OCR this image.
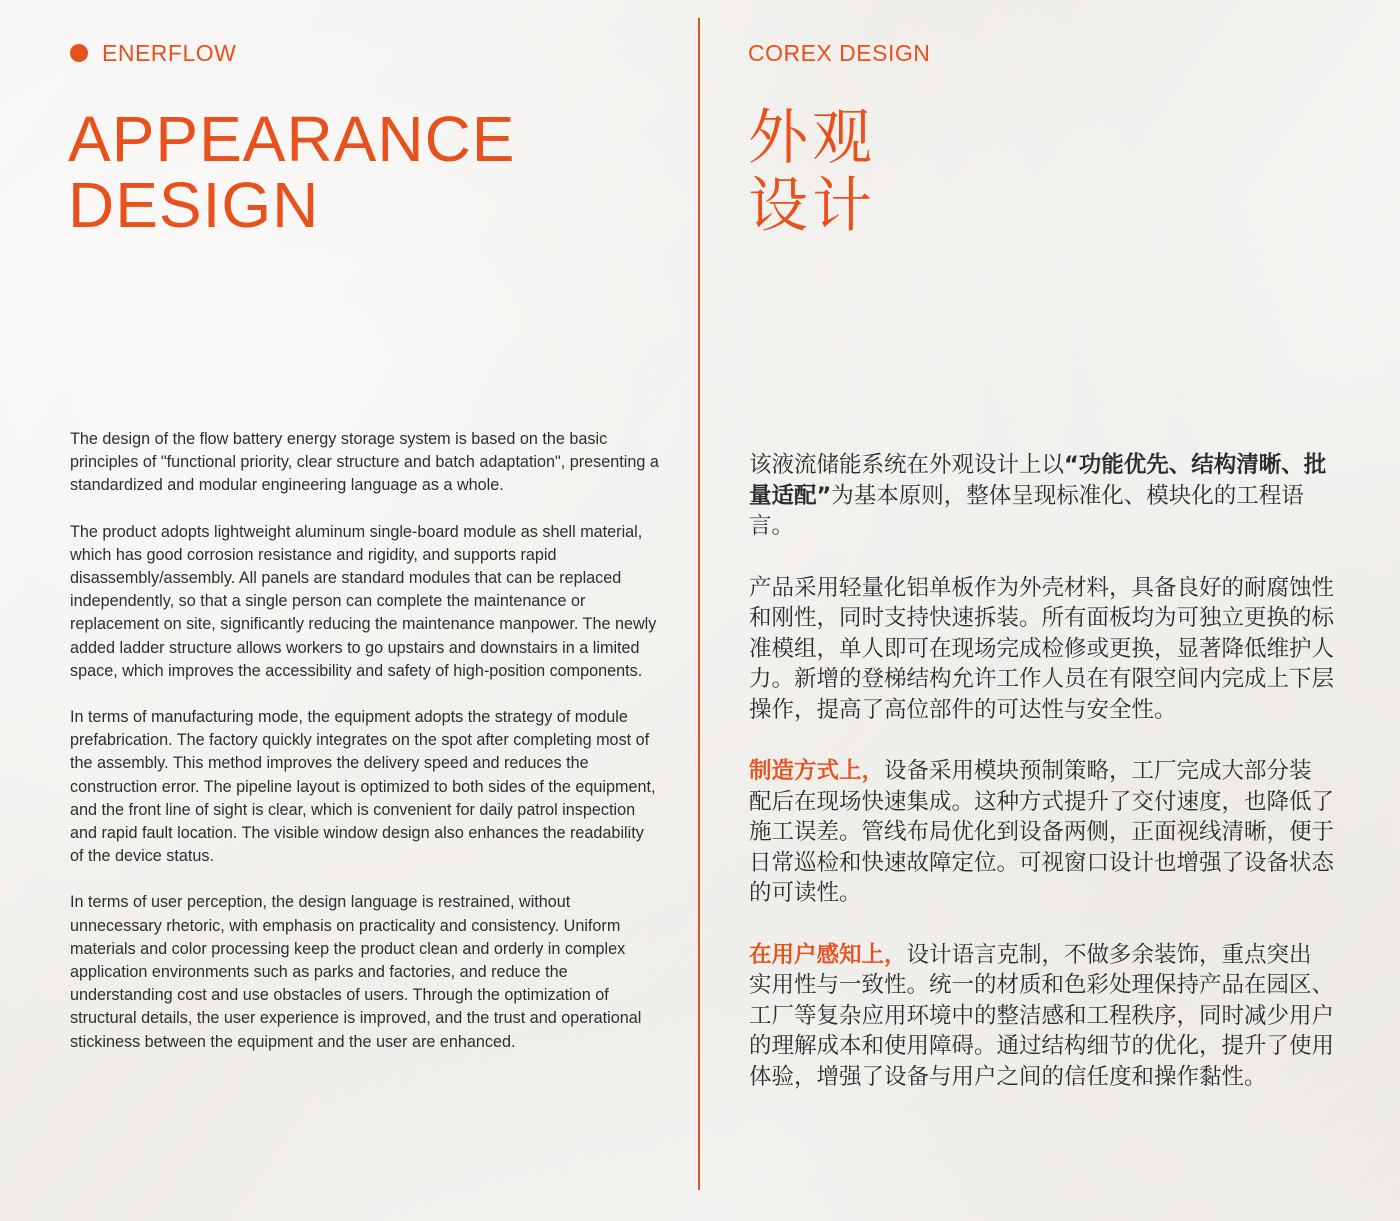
ENERFLOW
APPEARANCE
DESIGN
COREX DESIGN
外观
设计

The design of the flow battery energy storage system is based on the basic principles of "functional priority, clear structure and batch adaptation", presenting a standardized and modular engineering language as a whole.

The product adopts lightweight aluminum single-board module as shell material, which has good corrosion resistance and rigidity, and supports rapid disassembly/assembly. All panels are standard modules that can be replaced independently, so that a single person can complete the maintenance or replacement on site, significantly reducing the maintenance manpower. The newly added ladder structure allows workers to go upstairs and downstairs in a limited space, which improves the accessibility and safety of high-position components.

In terms of manufacturing mode, the equipment adopts the strategy of module prefabrication. The factory quickly integrates on the spot after completing most of the assembly. This method improves the delivery speed and reduces the construction error. The pipeline layout is optimized to both sides of the equipment, and the front line of sight is clear, which is convenient for daily patrol inspection and rapid fault location. The visible window design also enhances the readability of the device status.

In terms of user perception, the design language is restrained, without unnecessary rhetoric, with emphasis on practicality and consistency. Uniform materials and color processing keep the product clean and orderly in complex application environments such as parks and factories, and reduce the understanding cost and use obstacles of users. Through the optimization of structural details, the user experience is improved, and the trust and operational stickiness between the equipment and the user are enhanced.

该液流储能系统在外观设计上以“功能优先、结构清晰、批量适配”为基本原则，整体呈现标准化、模块化的工程语言。

产品采用轻量化铝单板作为外壳材料，具备良好的耐腐蚀性和刚性，同时支持快速拆装。所有面板均为可独立更换的标准模组，单人即可在现场完成检修或更换，显著降低维护人力。新增的登梯结构允许工作人员在有限空间内完成上下层操作，提高了高位部件的可达性与安全性。

制造方式上，设备采用模块预制策略，工厂完成大部分装配后在现场快速集成。这种方式提升了交付速度，也降低了施工误差。管线布局优化到设备两侧，正面视线清晰，便于日常巡检和快速故障定位。可视窗口设计也增强了设备状态的可读性。

在用户感知上，设计语言克制，不做多余装饰，重点突出实用性与一致性。统一的材质和色彩处理保持产品在园区、工厂等复杂应用环境中的整洁感和工程秩序，同时减少用户的理解成本和使用障碍。通过结构细节的优化，提升了使用体验，增强了设备与用户之间的信任度和操作黏性。
